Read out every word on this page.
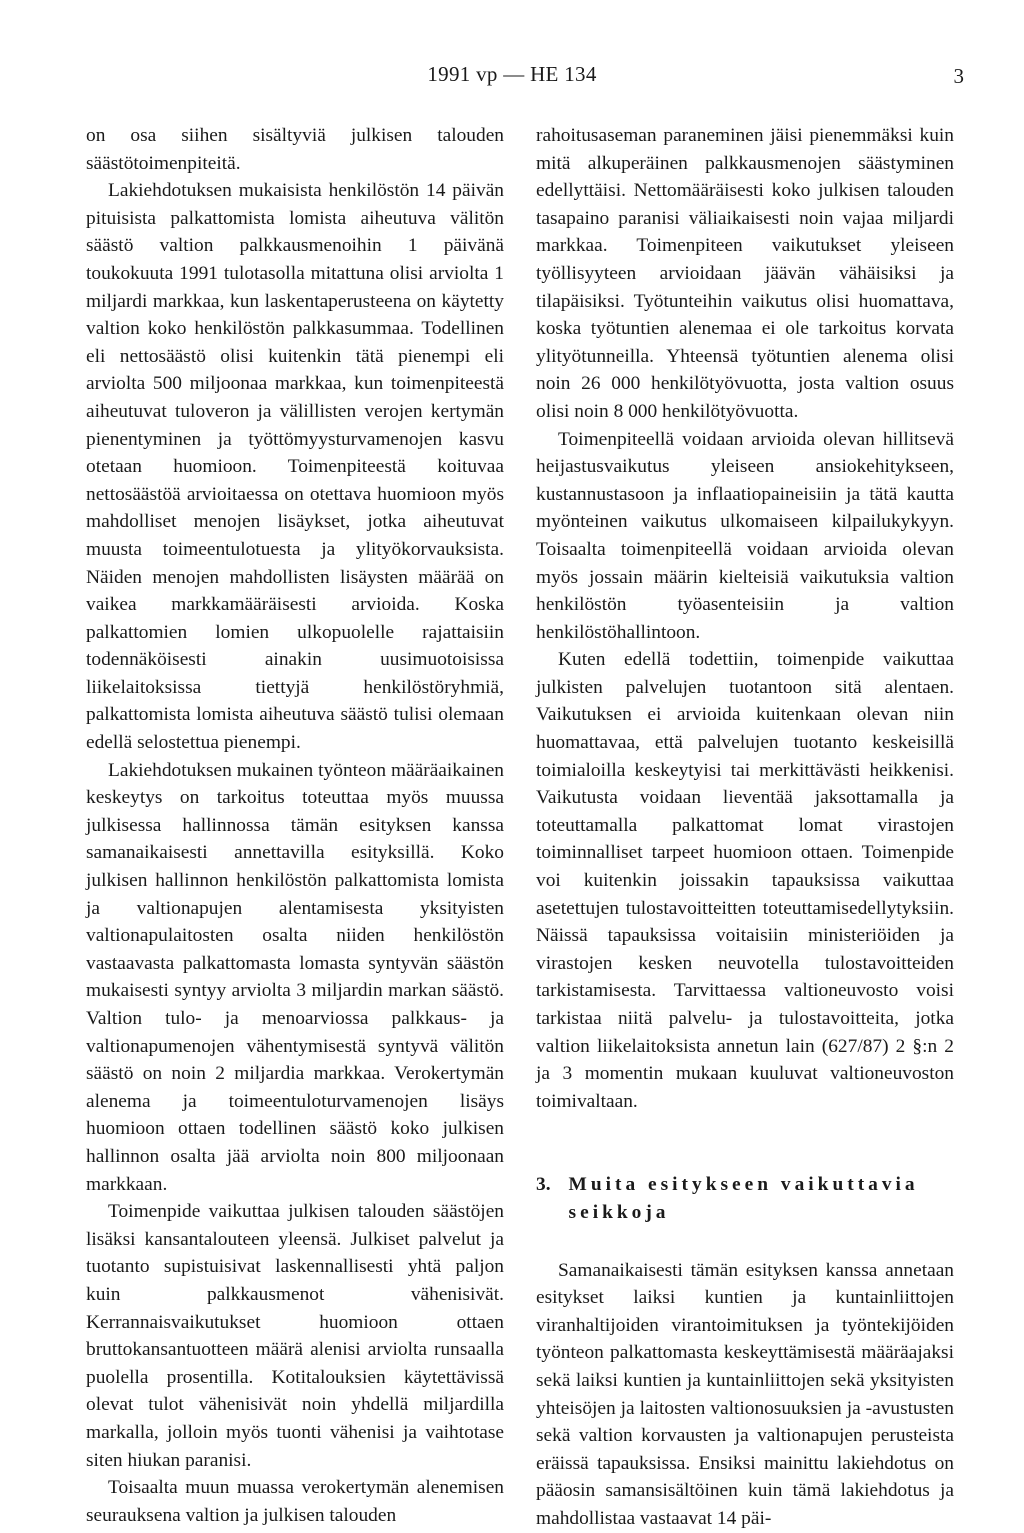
1991 vp — HE 134	3

on osa siihen sisältyviä julkisen talouden säästötoimenpiteitä.

Lakiehdotuksen mukaisista henkilöstön 14 päivän pituisista palkattomista lomista aiheutuva välitön säästö valtion palkkausmenoihin 1 päivänä toukokuuta 1991 tulotasolla mitattuna olisi arviolta 1 miljardi markkaa, kun laskentaperusteena on käytetty valtion koko henkilöstön palkkasummaa. Todellinen eli nettosäästö olisi kuitenkin tätä pienempi eli arviolta 500 miljoonaa markkaa, kun toimenpiteestä aiheutuvat tuloveron ja välillisten verojen kertymän pienentyminen ja työttömyysturvamenojen kasvu otetaan huomioon. Toimenpiteestä koituvaa nettosäästöä arvioitaessa on otettava huomioon myös mahdolliset menojen lisäykset, jotka aiheutuvat muusta toimeentulotuesta ja ylityökorvauksista. Näiden menojen mahdollisten lisäysten määrää on vaikea markkamääräisesti arvioida. Koska palkattomien lomien ulkopuolelle rajattaisiin todennäköisesti ainakin uusimuotoisissa liikelaitoksissa tiettyjä henkilöstöryhmiä, palkattomista lomista aiheutuva säästö tulisi olemaan edellä selostettua pienempi.

Lakiehdotuksen mukainen työnteon määräaikainen keskeytys on tarkoitus toteuttaa myös muussa julkisessa hallinnossa tämän esityksen kanssa samanaikaisesti annettavilla esityksillä. Koko julkisen hallinnon henkilöstön palkattomista lomista ja valtionapujen alentamisesta yksityisten valtionapulaitosten osalta niiden henkilöstön vastaavasta palkattomasta lomasta syntyvän säästön mukaisesti syntyy arviolta 3 miljardin markan säästö. Valtion tulo- ja menoarviossa palkkaus- ja valtionapumenojen vähentymisestä syntyvä välitön säästö on noin 2 miljardia markkaa. Verokertymän alenema ja toimeentuloturvamenojen lisäys huomioon ottaen todellinen säästö koko julkisen hallinnon osalta jää arviolta noin 800 miljoonaan markkaan.

Toimenpide vaikuttaa julkisen talouden säästöjen lisäksi kansantalouteen yleensä. Julkiset palvelut ja tuotanto supistuisivat laskennallisesti yhtä paljon kuin palkkausmenot vähenisivät. Kerrannaisvaikutukset huomioon ottaen bruttokansantuotteen määrä alenisi arviolta runsaalla puolella prosentilla. Kotitalouksien käytettävissä olevat tulot vähenisivät noin yhdellä miljardilla markalla, jolloin myös tuonti vähenisi ja vaihtotase siten hiukan paranisi.

Toisaalta muun muassa verokertymän alenemisen seurauksena valtion ja julkisen talouden

rahoitusaseman paraneminen jäisi pienemmäksi kuin mitä alkuperäinen palkkausmenojen säästyminen edellyttäisi. Nettomääräisesti koko julkisen talouden tasapaino paranisi väliaikaisesti noin vajaa miljardi markkaa. Toimenpiteen vaikutukset yleiseen työllisyyteen arvioidaan jäävän vähäisiksi ja tilapäisiksi. Työtunteihin vaikutus olisi huomattava, koska työtuntien alenemaa ei ole tarkoitus korvata ylityötunneilla. Yhteensä työtuntien alenema olisi noin 26 000 henkilötyövuotta, josta valtion osuus olisi noin 8 000 henkilötyövuotta.

Toimenpiteellä voidaan arvioida olevan hillitsevä heijastusvaikutus yleiseen ansiokehitykseen, kustannustasoon ja inflaatiopaineisiin ja tätä kautta myönteinen vaikutus ulkomaiseen kilpailukykyyn. Toisaalta toimenpiteellä voidaan arvioida olevan myös jossain määrin kielteisiä vaikutuksia valtion henkilöstön työasenteisiin ja valtion henkilöstöhallintoon.

Kuten edellä todettiin, toimenpide vaikuttaa julkisten palvelujen tuotantoon sitä alentaen. Vaikutuksen ei arvioida kuitenkaan olevan niin huomattavaa, että palvelujen tuotanto keskeisillä toimialoilla keskeytyisi tai merkittävästi heikkenisi. Vaikutusta voidaan lieventää jaksottamalla ja toteuttamalla palkattomat lomat virastojen toiminnalliset tarpeet huomioon ottaen. Toimenpide voi kuitenkin joissakin tapauksissa vaikuttaa asetettujen tulostavoitteitten toteuttamisedellytyksiin. Näissä tapauksissa voitaisiin ministeriöiden ja virastojen kesken neuvotella tulostavoitteiden tarkistamisesta. Tarvittaessa valtioneuvosto voisi tarkistaa niitä palvelu- ja tulostavoitteita, jotka valtion liikelaitoksista annetun lain (627/87) 2 §:n 2 ja 3 momentin mukaan kuuluvat valtioneuvoston toimivaltaan.

3. Muita esitykseen vaikuttavia seikkoja

Samanaikaisesti tämän esityksen kanssa annetaan esitykset laiksi kuntien ja kuntainliittojen viranhaltijoiden virantoimituksen ja työntekijöiden työnteon palkattomasta keskeyttämisestä määräajaksi sekä laiksi kuntien ja kuntainliittojen sekä yksityisten yhteisöjen ja laitosten valtionosuuksien ja -avustusten sekä valtion korvausten ja valtionapujen perusteista eräissä tapauksissa. Ensiksi mainittu lakiehdotus on pääosin samansisältöinen kuin tämä lakiehdotus ja mahdollistaa vastaavat 14 päi-
